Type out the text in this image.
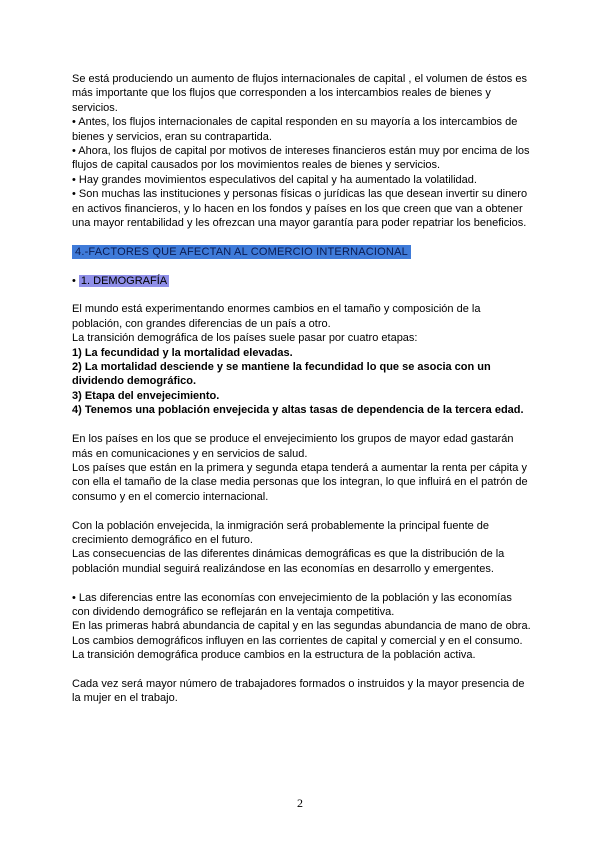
Se está produciendo un aumento de flujos internacionales de capital , el volumen de éstos es más importante que los flujos que corresponden a los intercambios reales de bienes y servicios.

• Antes, los flujos internacionales de capital responden en su mayoría a los intercambios de bienes y servicios, eran su contrapartida.

• Ahora, los flujos de capital por motivos de intereses financieros están muy por encima de los flujos de capital causados por los movimientos reales de bienes y servicios.

• Hay grandes movimientos especulativos del capital y ha aumentado la volatilidad.

• Son muchas las instituciones y personas físicas o jurídicas las que desean invertir su dinero en activos financieros, y lo hacen en los fondos y países en los que creen que van a obtener una mayor rentabilidad y les ofrezcan una mayor garantía para poder repatriar los beneficios.

4.-FACTORES QUE AFECTAN AL COMERCIO INTERNACIONAL

• 1. DEMOGRAFÍA

El mundo está experimentando enormes cambios en el tamaño y composición de la población, con grandes diferencias de un país a otro.

La transición demográfica de los países suele pasar por cuatro etapas:

1) La fecundidad y la mortalidad elevadas.

2) La mortalidad desciende y se mantiene la fecundidad lo que se asocia con un dividendo demográfico.

3) Etapa del envejecimiento.

4) Tenemos una población envejecida y altas tasas de dependencia de la tercera edad.

En los países en los que se produce el envejecimiento los grupos de mayor edad gastarán más en comunicaciones y en servicios de salud.

Los países que están en la primera y segunda etapa tenderá a aumentar la renta per cápita y con ella el tamaño de la clase media personas que los integran, lo que influirá en el patrón de consumo y en el comercio internacional.

Con la población envejecida, la inmigración será probablemente la principal fuente de crecimiento demográfico en el futuro.

Las consecuencias de las diferentes dinámicas demográficas es que la distribución de la población mundial seguirá realizándose en las economías en desarrollo y emergentes.

• Las diferencias entre las economías con envejecimiento de la población y las economías con dividendo demográfico se reflejarán en la ventaja competitiva.

En las primeras habrá abundancia de capital y en las segundas abundancia de mano de obra.

Los cambios demográficos influyen en las corrientes de capital y comercial y en el consumo.

La transición demográfica produce cambios en la estructura de la población activa.

Cada vez será mayor número de trabajadores formados o instruidos y la mayor presencia de la mujer en el trabajo.

2
